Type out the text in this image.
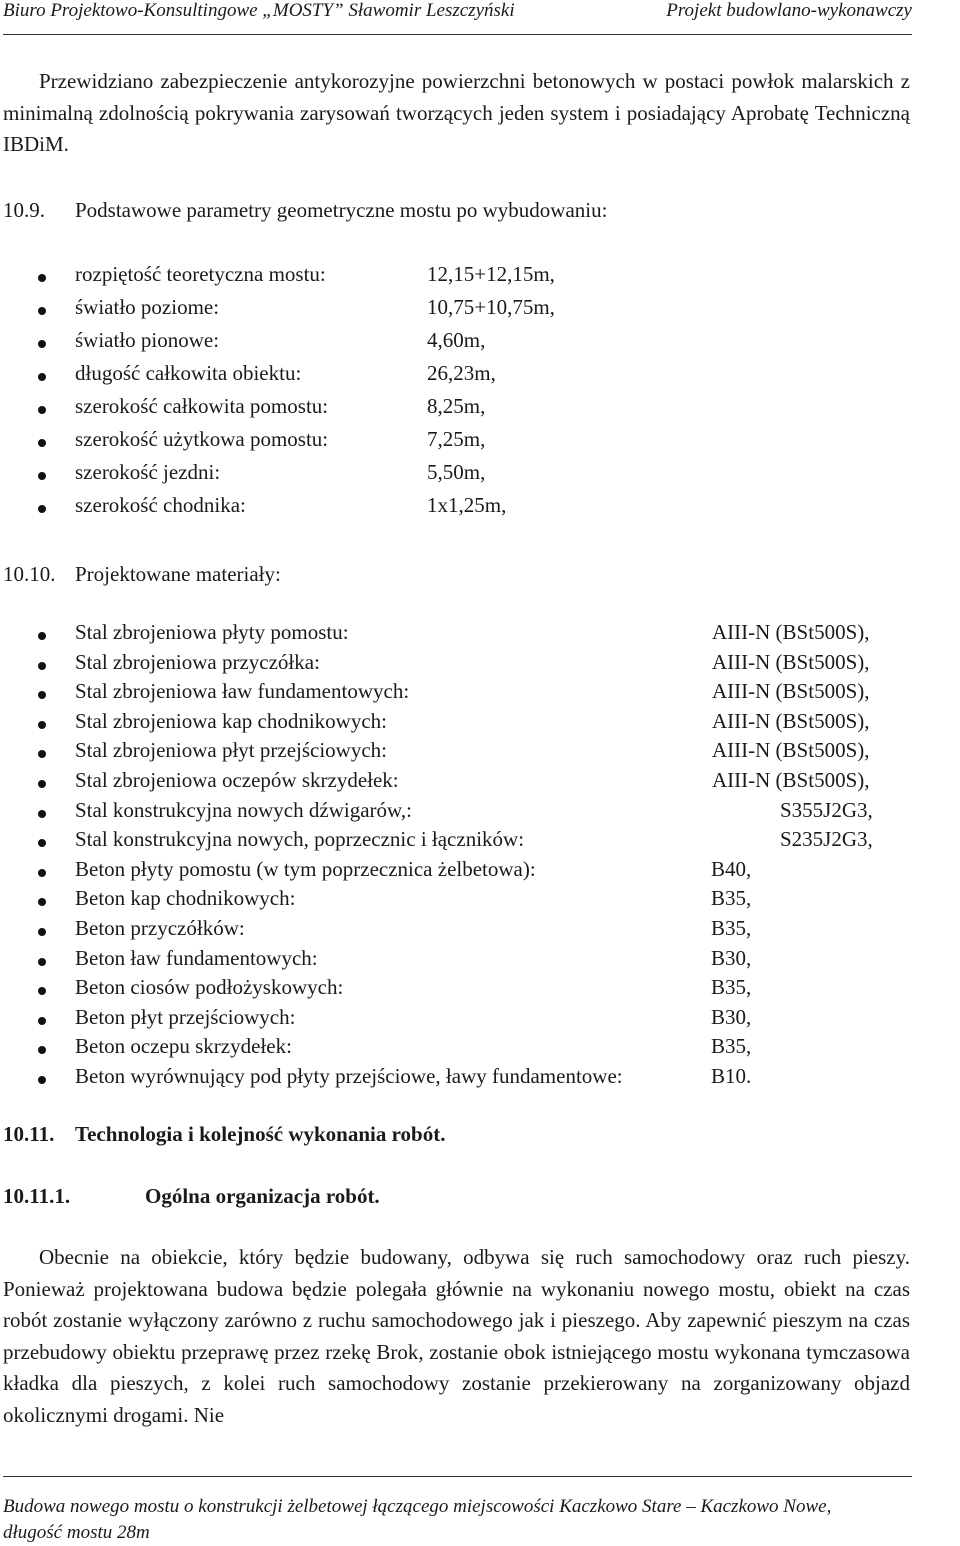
Biuro Projektowo-Konsultingowe „MOSTY” Sławomir Leszczyński	Projekt budowlano-wykonawczy
Przewidziano zabezpieczenie antykorozyjne powierzchni betonowych w postaci powłok malarskich z minimalną zdolnością pokrywania zarysowań tworzących jeden system i posiadający Aprobatę Techniczną IBDiM.
10.9. Podstawowe parametry geometryczne mostu po wybudowaniu:
rozpiętość teoretyczna mostu:	12,15+12,15m,
światło poziome:	10,75+10,75m,
światło pionowe:	4,60m,
długość całkowita obiektu:	26,23m,
szerokość całkowita pomostu:	8,25m,
szerokość użytkowa pomostu:	7,25m,
szerokość jezdni:	5,50m,
szerokość chodnika:	1x1,25m,
10.10. Projektowane materiały:
Stal zbrojeniowa płyty pomostu:	AIII-N (BSt500S),
Stal zbrojeniowa przyczółka:	AIII-N (BSt500S),
Stal zbrojeniowa ław fundamentowych:	AIII-N (BSt500S),
Stal zbrojeniowa kap chodnikowych:	AIII-N (BSt500S),
Stal zbrojeniowa płyt przejściowych:	AIII-N (BSt500S),
Stal zbrojeniowa oczepów skrzydełek:	AIII-N (BSt500S),
Stal konstrukcyjna nowych dźwigarów,:	S355J2G3,
Stal konstrukcyjna nowych, poprzecznic i łączników:	S235J2G3,
Beton płyty pomostu (w tym poprzecznica żelbetowa):	B40,
Beton kap chodnikowych:	B35,
Beton przyczółków:	B35,
Beton ław fundamentowych:	B30,
Beton ciosów podłożyskowych:	B35,
Beton płyt przejściowych:	B30,
Beton oczepu skrzydełek:	B35,
Beton wyrównujący pod płyty przejściowe, ławy fundamentowe:	B10.
10.11. Technologia i kolejność wykonania robót.
10.11.1.	Ogólna organizacja robót.
Obecnie na obiekcie, który będzie budowany, odbywa się ruch samochodowy oraz ruch pieszy. Ponieważ projektowana budowa będzie polegała głównie na wykonaniu nowego mostu, obiekt na czas robót zostanie wyłączony zarówno z ruchu samochodowego jak i pieszego. Aby zapewnić pieszym na czas przebudowy obiektu przeprawę przez rzekę Brok, zostanie obok istniejącego mostu wykonana tymczasowa kładka dla pieszych, z kolei ruch samochodowy zostanie przekierowany na zorganizowany objazd okolicznymi drogami. Nie
Budowa nowego mostu o konstrukcji żelbetowej łączącego miejscowości Kaczkowo Stare – Kaczkowo Nowe,
długość mostu 28m
